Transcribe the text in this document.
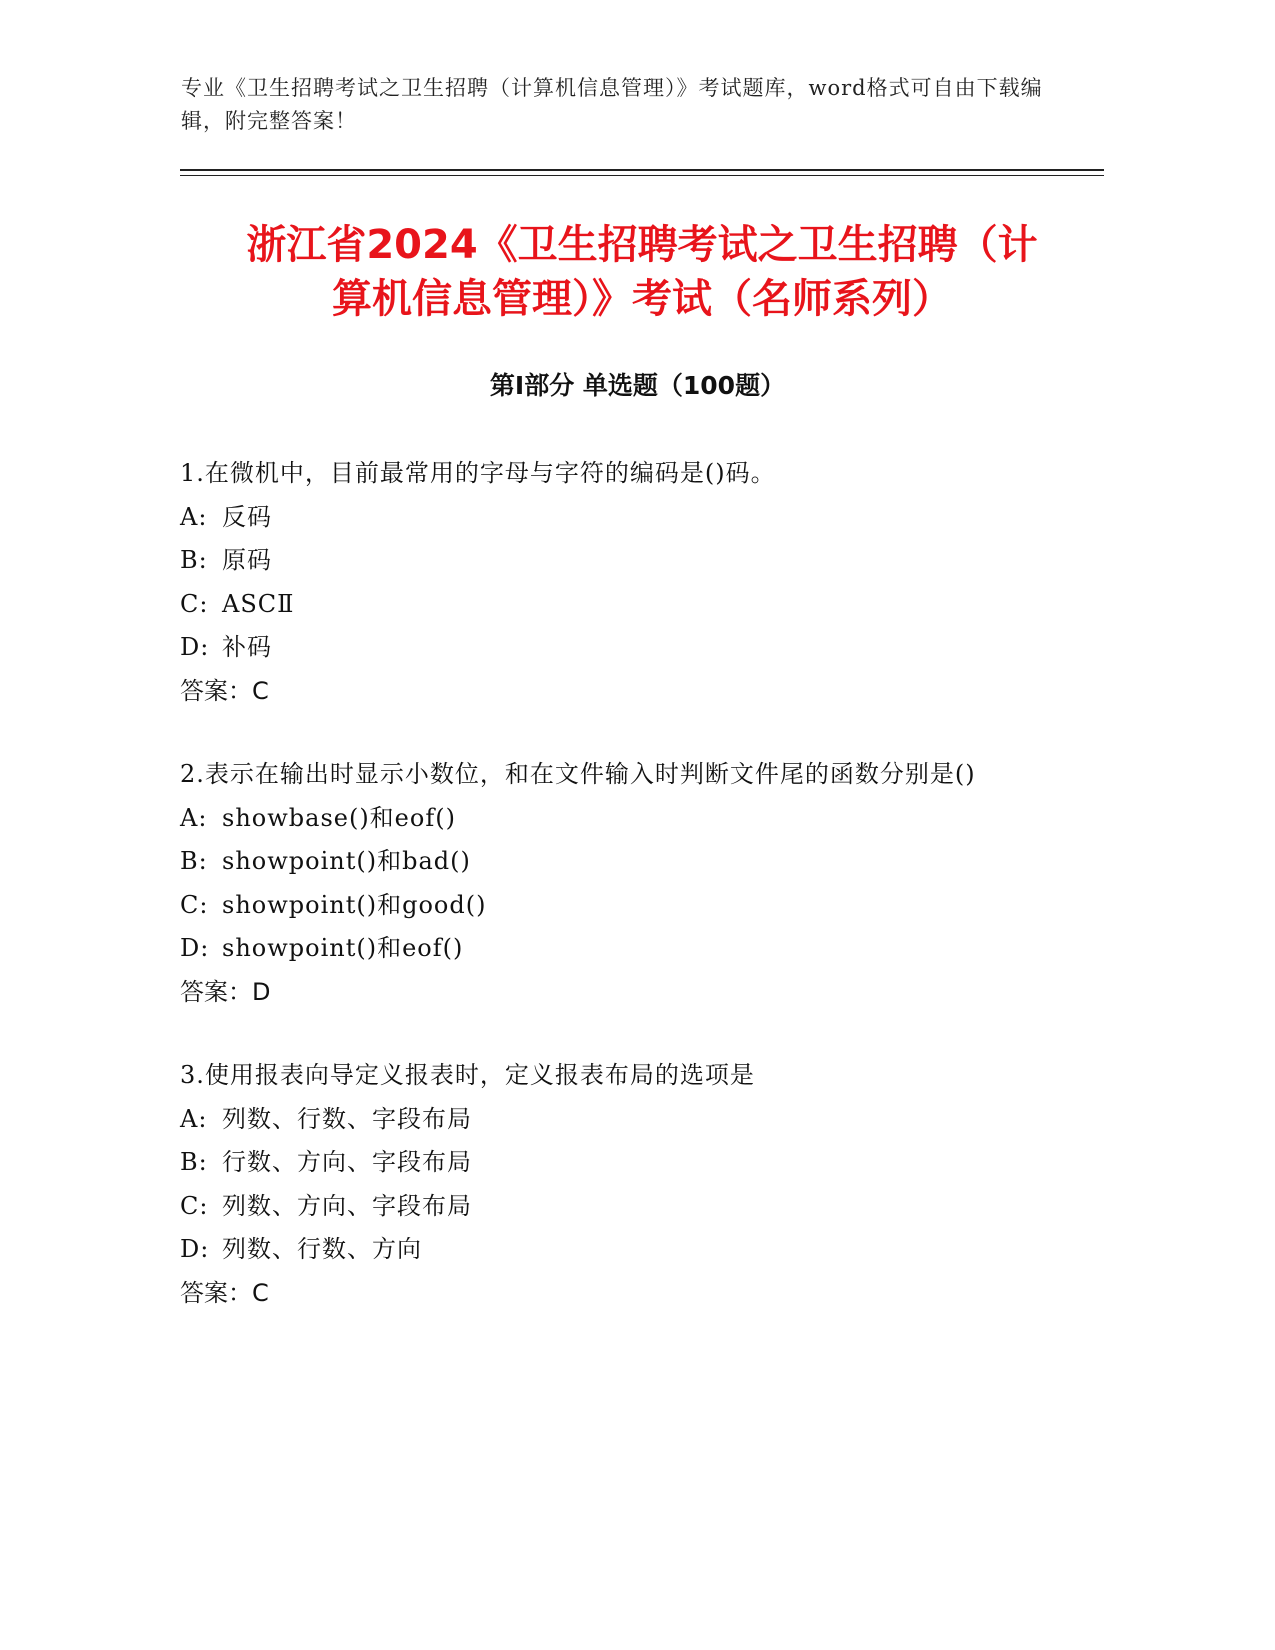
专业《卫生招聘考试之卫生招聘（计算机信息管理）》考试题库，word格式可自由下载编辑，附完整答案！
浙江省2024《卫生招聘考试之卫生招聘（计
算机信息管理）》考试（名师系列）
第I部分 单选题（100题）
1.在微机中，目前最常用的字母与字符的编码是()码。
A: 反码
B: 原码
C: ASCⅡ
D: 补码
答案：C
2.表示在输出时显示小数位，和在文件输入时判断文件尾的函数分别是()
A: showbase()和eof()
B: showpoint()和bad()
C: showpoint()和good()
D: showpoint()和eof()
答案：D
3.使用报表向导定义报表时，定义报表布局的选项是
A: 列数、行数、字段布局
B: 行数、方向、字段布局
C: 列数、方向、字段布局
D: 列数、行数、方向
答案：C
